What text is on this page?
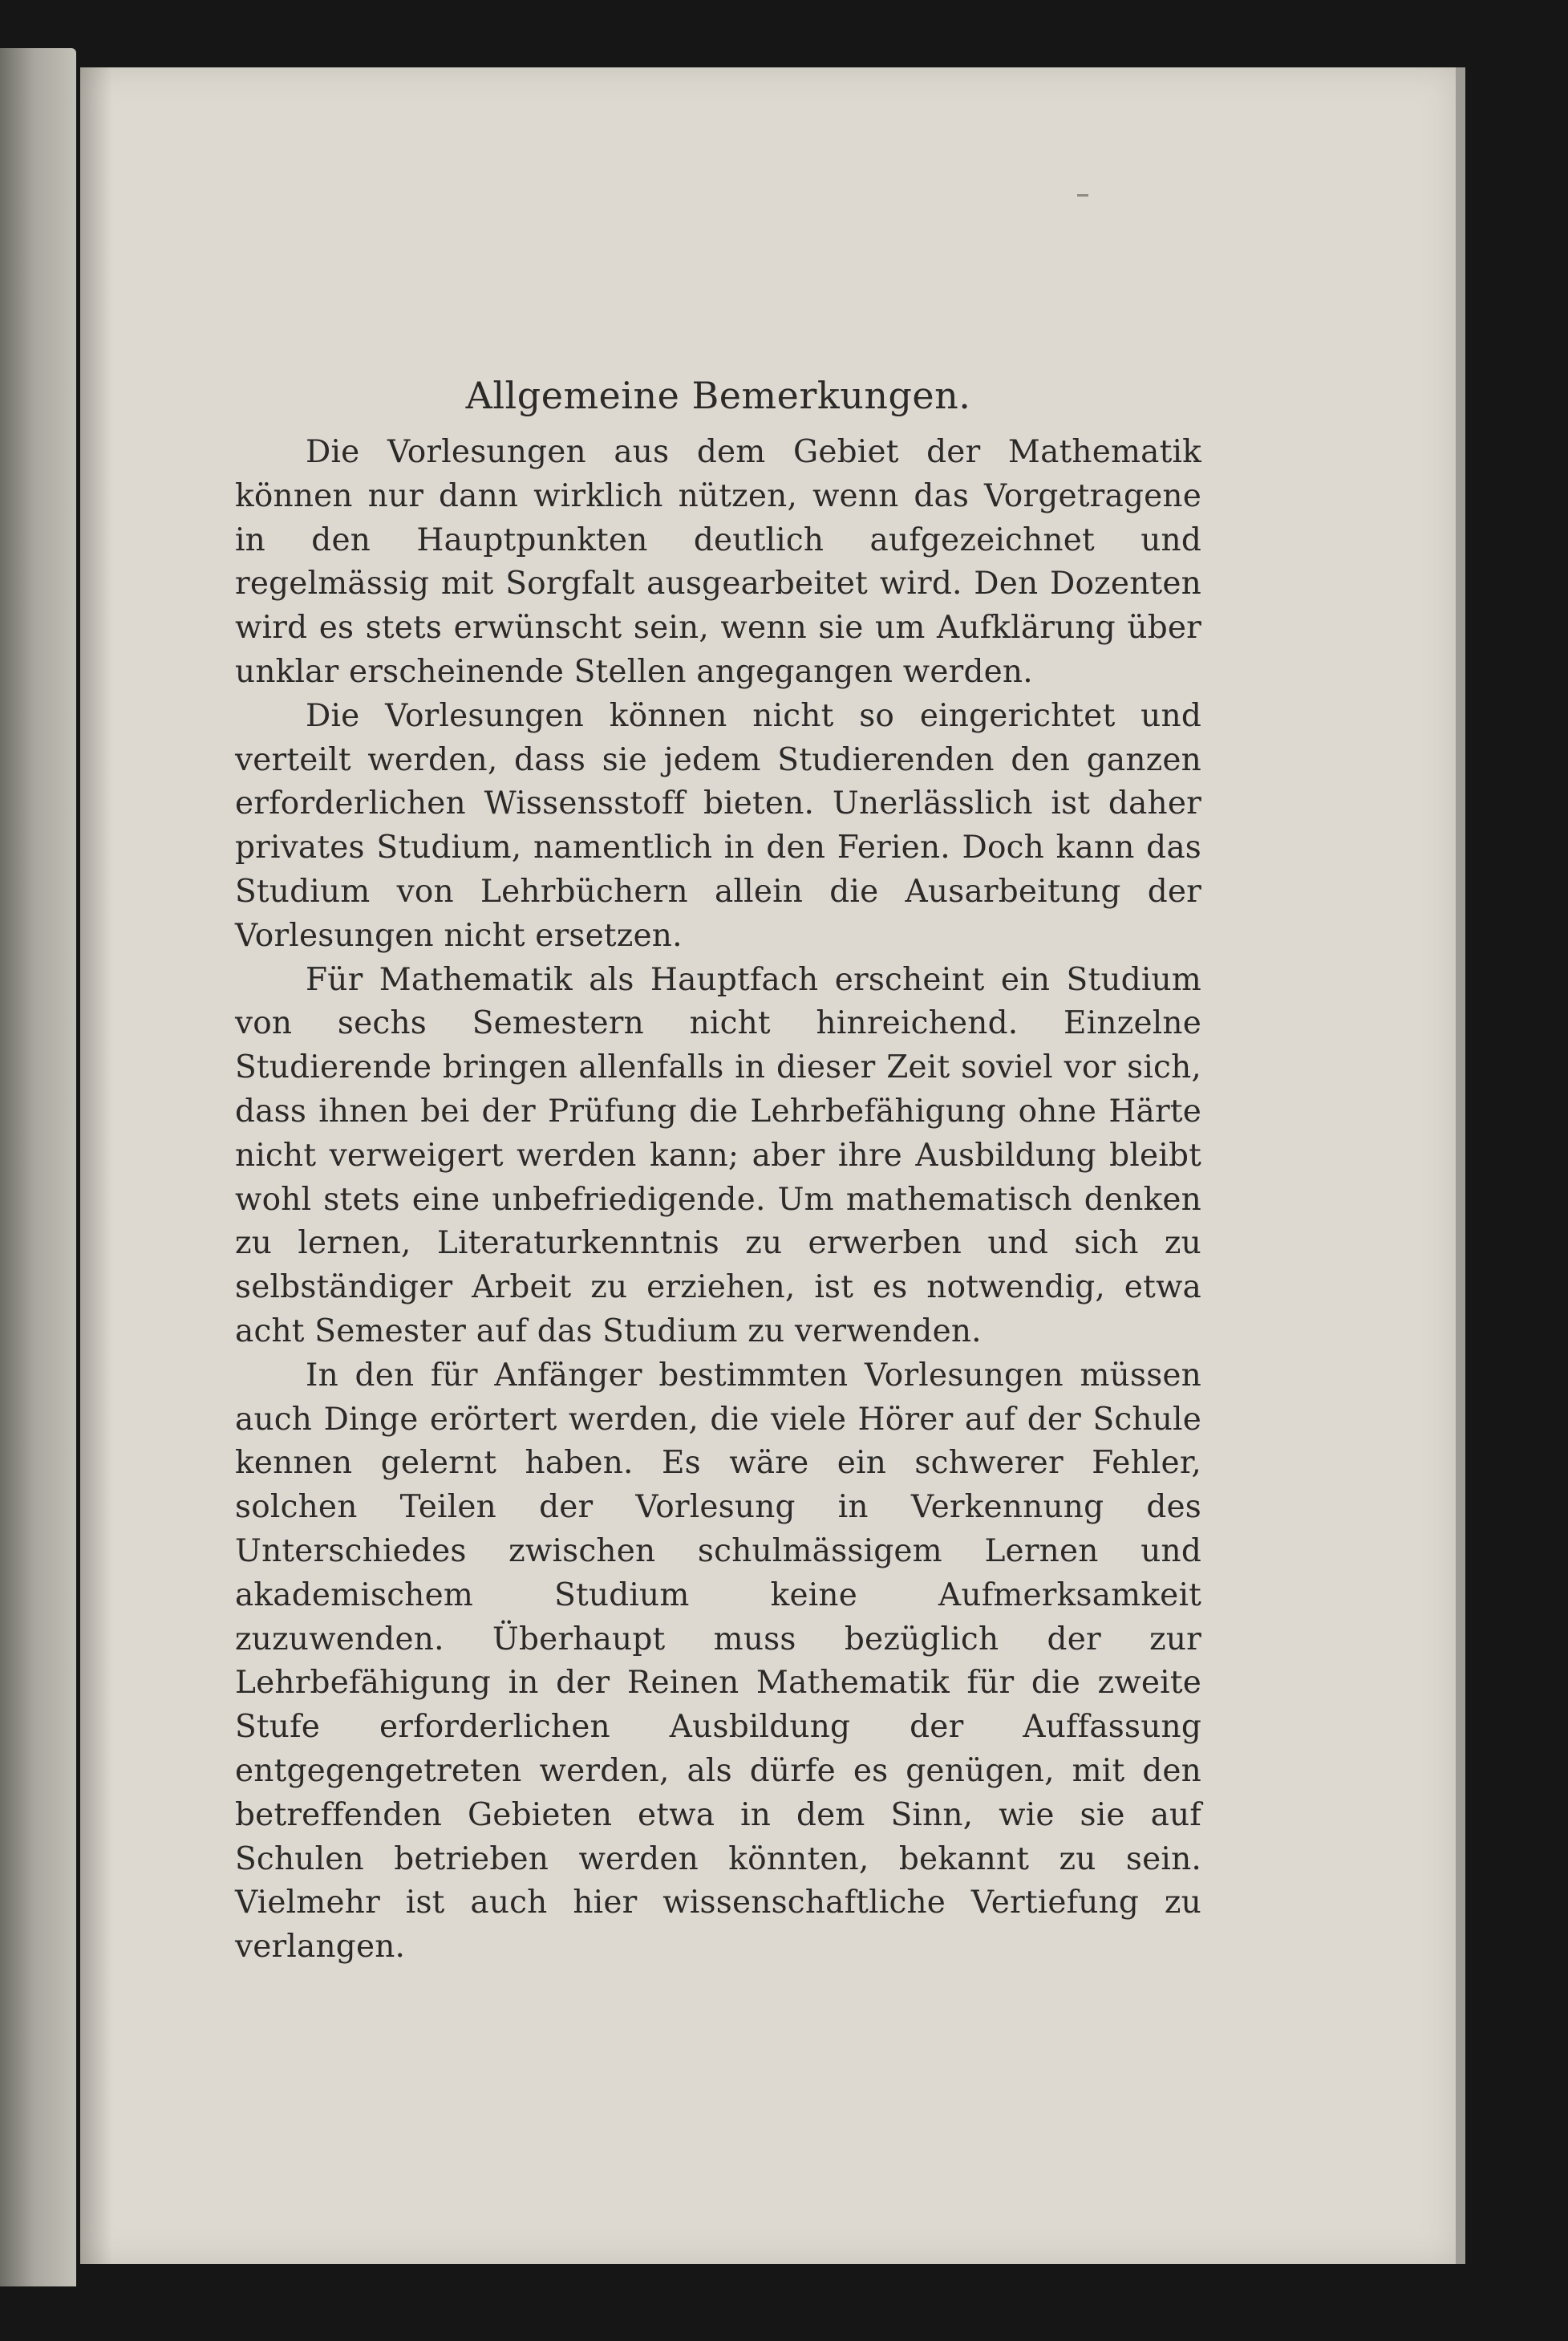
Allgemeine Bemerkungen.

Die Vorlesungen aus dem Gebiet der Mathematik können nur dann wirklich nützen, wenn das Vorgetragene in den Hauptpunkten deutlich aufgezeichnet und regelmässig mit Sorgfalt ausgearbeitet wird. Den Dozenten wird es stets erwünscht sein, wenn sie um Aufklärung über unklar erscheinende Stellen angegangen werden.

Die Vorlesungen können nicht so eingerichtet und verteilt werden, dass sie jedem Studierenden den ganzen erforderlichen Wissensstoff bieten. Unerlässlich ist daher privates Studium, namentlich in den Ferien. Doch kann das Studium von Lehrbüchern allein die Ausarbeitung der Vorlesungen nicht ersetzen.

Für Mathematik als Hauptfach erscheint ein Studium von sechs Semestern nicht hinreichend. Einzelne Studierende bringen allenfalls in dieser Zeit soviel vor sich, dass ihnen bei der Prüfung die Lehrbefähigung ohne Härte nicht verweigert werden kann; aber ihre Ausbildung bleibt wohl stets eine unbefriedigende. Um mathematisch denken zu lernen, Literaturkenntnis zu erwerben und sich zu selbständiger Arbeit zu erziehen, ist es notwendig, etwa acht Semester auf das Studium zu verwenden.

In den für Anfänger bestimmten Vorlesungen müssen auch Dinge erörtert werden, die viele Hörer auf der Schule kennen gelernt haben. Es wäre ein schwerer Fehler, solchen Teilen der Vorlesung in Verkennung des Unterschiedes zwischen schulmässigem Lernen und akademischem Studium keine Aufmerksamkeit zuzuwenden. Überhaupt muss bezüglich der zur Lehrbefähigung in der Reinen Mathematik für die zweite Stufe erforderlichen Ausbildung der Auffassung entgegengetreten werden, als dürfe es genügen, mit den betreffenden Gebieten etwa in dem Sinn, wie sie auf Schulen betrieben werden könnten, bekannt zu sein. Vielmehr ist auch hier wissenschaftliche Vertiefung zu verlangen.
